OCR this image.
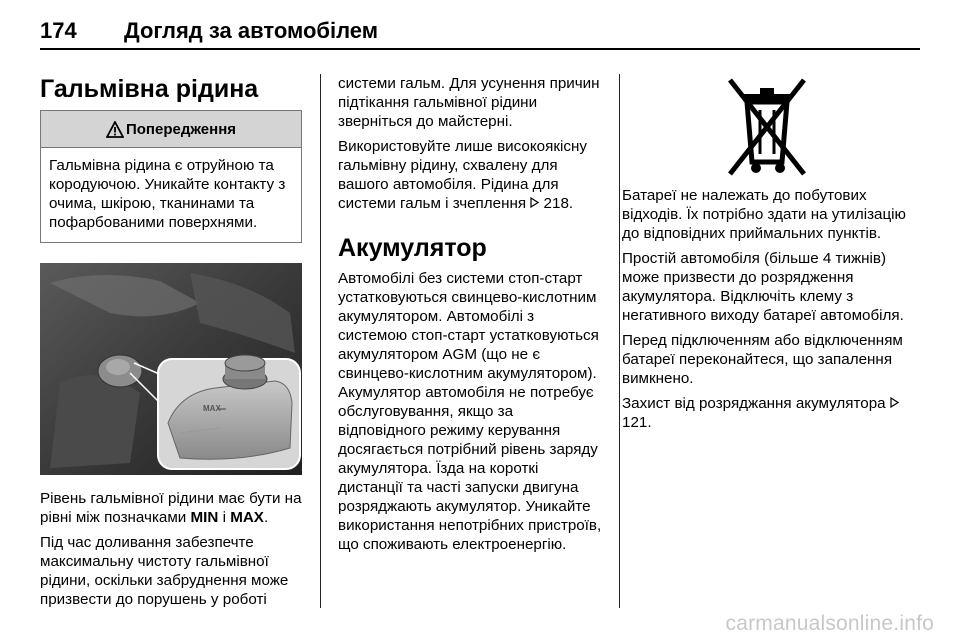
174	Догляд за автомобілем
Гальмівна рідина
Попередження
Гальмівна рідина є отруйною та кородуючою. Уникайте контакту з очима, шкірою, тканинами та пофарбованими поверхнями.
MAX

Рівень гальмівної рідини має бути на рівні між позначками MIN і MAX.

Під час доливання забезпечте максимальну чистоту гальмівної рідини, оскільки забруднення може призвести до порушень у роботі

системи гальм. Для усунення причин підтікання гальмівної рідини зверніться до майстерні.

Використовуйте лише високоякісну гальмівну рідину, схвалену для вашого автомобіля. Рідина для системи гальм і зчеплення  218.

Акумулятор

Автомобілі без системи стоп-старт устатковуються свинцево-кислотним акумулятором. Автомобілі з системою стоп-старт устатковуються акумулятором AGM (що не є свинцево-кислотним акумулятором). Акумулятор автомобіля не потребує обслуговування, якщо за відповідного режиму керування досягається потрібний рівень заряду акумулятора. Їзда на короткі дистанції та часті запуски двигуна розряджають акумулятор. Уникайте використання непотрібних пристроїв, що споживають електроенергію.

Батареї не належать до побутових відходів. Їх потрібно здати на утилізацію до відповідних приймальних пунктів.

Простій автомобіля (більше 4 тижнів) може призвести до розрядження акумулятора. Відключіть клему з негативного виходу батареї автомобіля.

Перед підключенням або відключенням батареї переконайтеся, що запалення вимкнено.

Захист від розряджання акумулятора  121.

carmanualsonline.info
